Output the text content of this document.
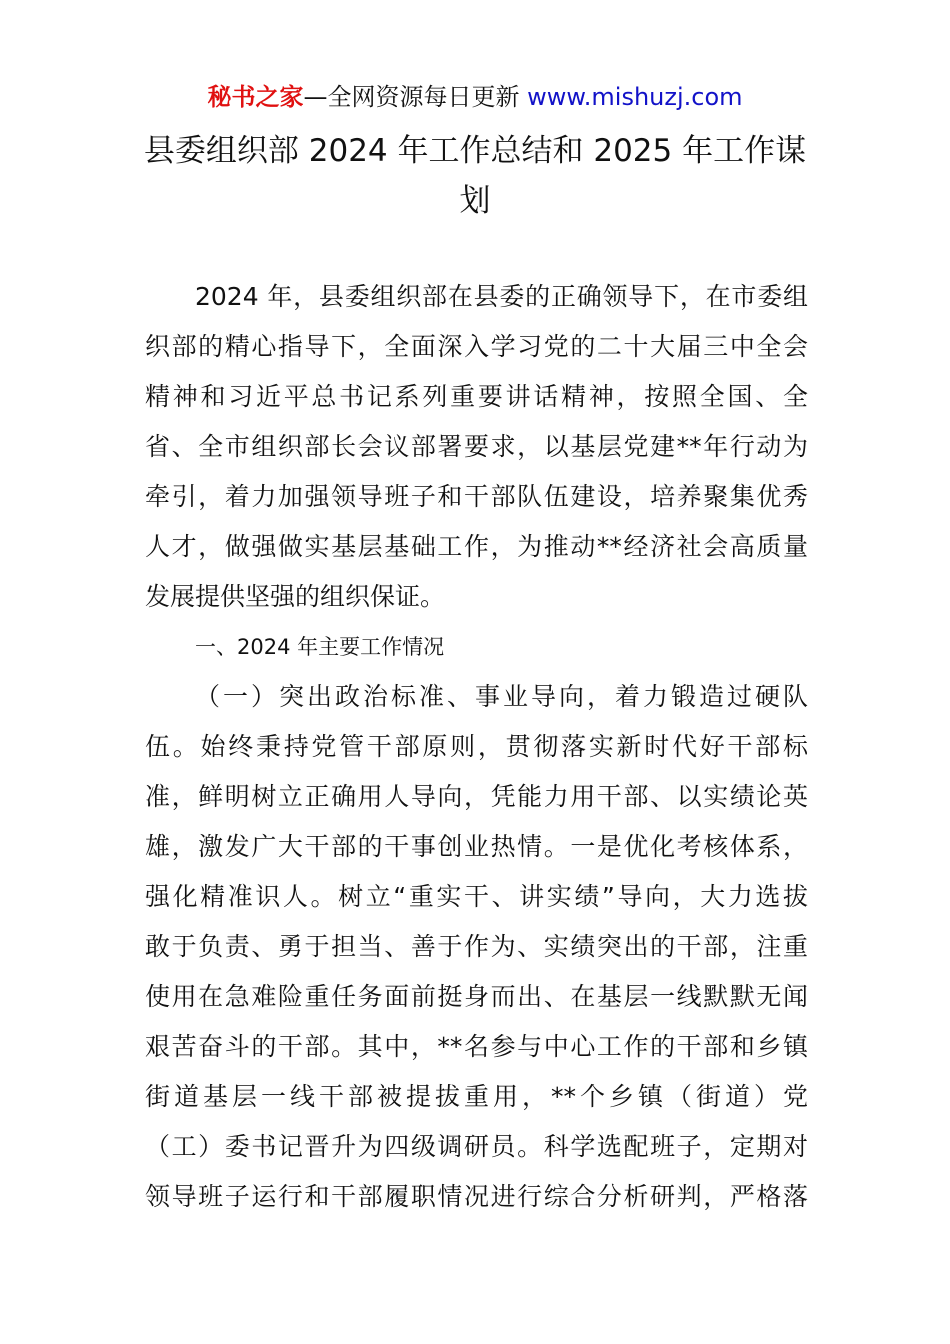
秘书之家—全网资源每日更新 www.mishuzj.com
县委组织部 2024 年工作总结和 2025 年工作谋
划
2024 年，县委组织部在县委的正确领导下，在市委组
织部的精心指导下，全面深入学习党的二十大届三中全会
精神和习近平总书记系列重要讲话精神，按照全国、全
省、全市组织部长会议部署要求，以基层党建**年行动为
牵引，着力加强领导班子和干部队伍建设，培养聚集优秀
人才，做强做实基层基础工作，为推动**经济社会高质量
发展提供坚强的组织保证。
一、2024 年主要工作情况
（一）突出政治标准、事业导向，着力锻造过硬队
伍。始终秉持党管干部原则，贯彻落实新时代好干部标
准，鲜明树立正确用人导向，凭能力用干部、以实绩论英
雄，激发广大干部的干事创业热情。一是优化考核体系，
强化精准识人。树立“重实干、讲实绩”导向，大力选拔
敢于负责、勇于担当、善于作为、实绩突出的干部，注重
使用在急难险重任务面前挺身而出、在基层一线默默无闻
艰苦奋斗的干部。其中，**名参与中心工作的干部和乡镇
街道基层一线干部被提拔重用，**个乡镇（街道）党
（工）委书记晋升为四级调研员。科学选配班子，定期对
领导班子运行和干部履职情况进行综合分析研判，严格落
